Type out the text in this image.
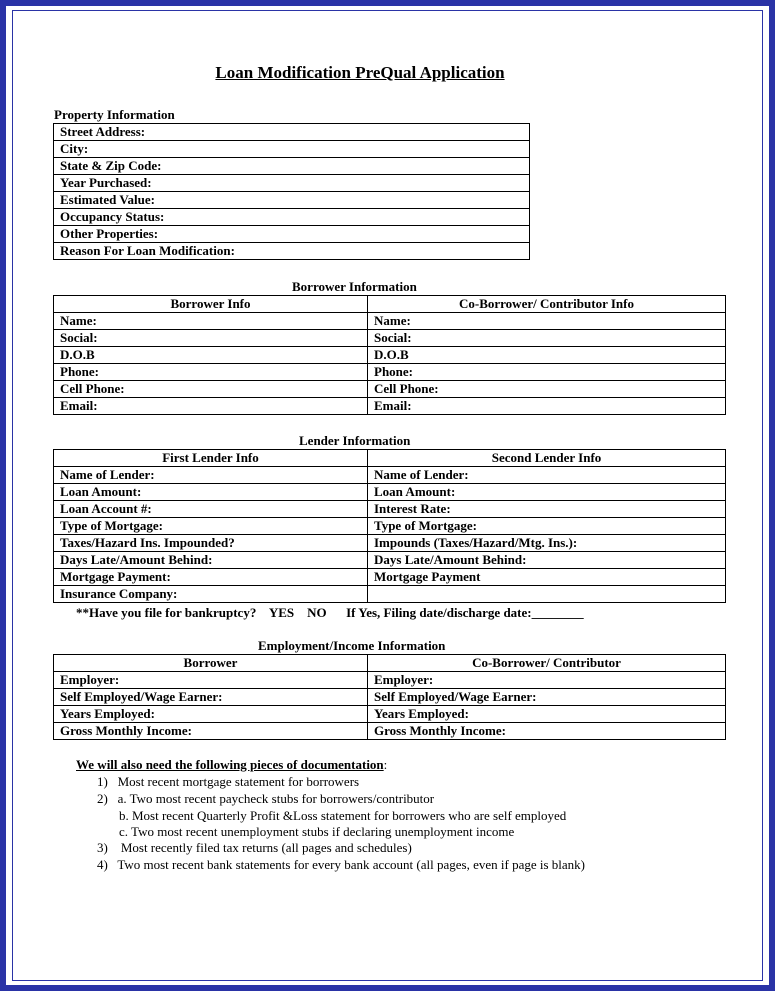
Loan Modification PreQual Application
Property Information
Street Address:
City:
State & Zip Code:
Year Purchased:
Estimated Value:
Occupancy Status:
Other Properties:
Reason For Loan Modification:
Borrower Information
Borrower Info	Co-Borrower/ Contributor Info
Name:	Name:
Social:	Social:
D.O.B	D.O.B
Phone:	Phone:
Cell Phone:	Cell Phone:
Email:	Email:
Lender Information
First Lender Info	Second Lender Info
Name of Lender:	Name of Lender:
Loan Amount:	Loan Amount:
Loan Account #:	Interest Rate:
Type of Mortgage:	Type of Mortgage:
Taxes/Hazard Ins. Impounded?	Impounds (Taxes/Hazard/Mtg. Ins.):
Days Late/Amount Behind:	Days Late/Amount Behind:
Mortgage Payment:	Mortgage Payment
Insurance Company:	
**Have you file for bankruptcy?    YES    NO      If Yes, Filing date/discharge date:________
Employment/Income Information
Borrower	Co-Borrower/ Contributor
Employer:	Employer:
Self Employed/Wage Earner:	Self Employed/Wage Earner:
Years Employed:	Years Employed:
Gross Monthly Income:	Gross Monthly Income:
We will also need the following pieces of documentation:
1)   Most recent mortgage statement for borrowers
2)   a. Two most recent paycheck stubs for borrowers/contributor
b. Most recent Quarterly Profit &Loss statement for borrowers who are self employed
c. Two most recent unemployment stubs if declaring unemployment income
3)    Most recently filed tax returns (all pages and schedules)
4)   Two most recent bank statements for every bank account (all pages, even if page is blank)
